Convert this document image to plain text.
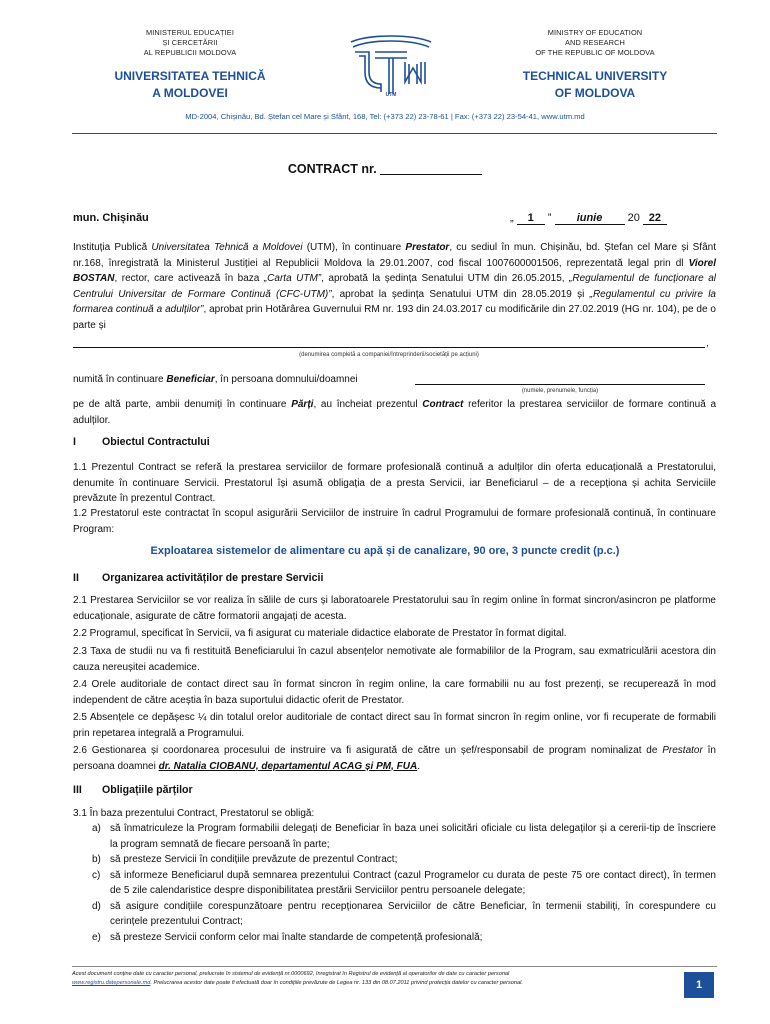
MINISTERUL EDUCAȚIEI
ȘI CERCETĂRII
AL REPUBLICII MOLDOVA
UNIVERSITATEA TEHNICĂ
A MOLDOVEI	UTM
MINISTRY OF EDUCATION
AND RESEARCH
OF THE REPUBLIC OF MOLDOVA
TECHNICAL UNIVERSITY
OF MOLDOVA
MD-2004, Chișinău, Bd. Ștefan cel Mare și Sfânt, 168, Tel: (+373 22) 23-78-61 | Fax: (+373 22) 23-54-41, www.utm.md
CONTRACT nr.
mun. Chișinău	„ 1 ” iunie 20 22
Instituția Publică Universitatea Tehnică a Moldovei (UTM), în continuare Prestator, cu sediul în mun. Chișinău, bd. Ștefan cel Mare și Sfânt nr.168, înregistrată la Ministerul Justiției al Republicii Moldova la 29.01.2007, cod fiscal 1007600001506, reprezentată legal prin dl Viorel BOSTAN, rector, care activează în baza „Carta UTM”, aprobată la ședința Senatului UTM din 26.05.2015, „Regulamentul de funcționare al Centrului Universitar de Formare Continuă (CFC-UTM)”, aprobat la ședința Senatului UTM din 28.05.2019 și „Regulamentul cu privire la formarea continuă a adulților”, aprobat prin Hotărârea Guvernului RM nr. 193 din 24.03.2017 cu modificările din 27.02.2019 (HG nr. 104), pe de o parte și
,
(denumirea completă a companiei/întreprinderii/societății pe acțiuni)
numită în continuare Beneficiar, în persoana domnului/doamnei
(numele, prenumele, funcția)
pe de altă parte, ambii denumiți în continuare Părți, au încheiat prezentul Contract referitor la prestarea serviciilor de formare continuă a adulților.
I Obiectul Contractului
1.1 Prezentul Contract se referă la prestarea serviciilor de formare profesională continuă a adulților din oferta educațională a Prestatorului, denumite în continuare Servicii. Prestatorul își asumă obligația de a presta Servicii, iar Beneficiarul – de a recepționa și achita Serviciile prevăzute în prezentul Contract.
1.2 Prestatorul este contractat în scopul asigurării Serviciilor de instruire în cadrul Programului de formare profesională continuă, în continuare Program:
Exploatarea sistemelor de alimentare cu apă și de canalizare, 90 ore, 3 puncte credit (p.c.)
II Organizarea activităților de prestare Servicii
2.1 Prestarea Serviciilor se vor realiza în sălile de curs și laboratoarele Prestatorului sau în regim online în format sincron/asincron pe platforme educaționale, asigurate de către formatorii angajați de acesta.
2.2 Programul, specificat în Servicii, va fi asigurat cu materiale didactice elaborate de Prestator în format digital.
2.3 Taxa de studii nu va fi restituită Beneficiarului în cazul absențelor nemotivate ale formabililor de la Program, sau exmatriculării acestora din cauza nereușitei academice.
2.4 Orele auditoriale de contact direct sau în format sincron în regim online, la care formabilii nu au fost prezenți, se recuperează în mod independent de către aceștia în baza suportului didactic oferit de Prestator.
2.5 Absențele ce depășesc ¼ din totalul orelor auditoriale de contact direct sau în format sincron în regim online, vor fi recuperate de formabili prin repetarea integrală a Programului.
2.6 Gestionarea și coordonarea procesului de instruire va fi asigurată de către un șef/responsabil de program nominalizat de Prestator în persoana doamnei dr. Natalia CIOBANU, departamentul ACAG și PM, FUA.
III Obligațiile părților
3.1 În baza prezentului Contract, Prestatorul se obligă:
a) să înmatriculeze la Program formabilii delegați de Beneficiar în baza unei solicitări oficiale cu lista delegaților și a cererii-tip de înscriere la program semnată de fiecare persoană în parte;
b) să presteze Servicii în condițiile prevăzute de prezentul Contract;
c) să informeze Beneficiarul după semnarea prezentului Contract (cazul Programelor cu durata de peste 75 ore contact direct), în termen de 5 zile calendaristice despre disponibilitatea prestării Serviciilor pentru persoanele delegate;
d) să asigure condițiile corespunzătoare pentru recepționarea Serviciilor de către Beneficiar, în termenii stabiliți, în corespundere cu cerințele prezentului Contract;
e) să presteze Servicii conform celor mai înalte standarde de competență profesională;
Acest document conține date cu caracter personal, prelucrate în sistemul de evidență nr.0000692, înregistrat în Registrul de evidență al operatorilor de date cu caracter personal
www.registru.datepersonale.md. Prelucrarea acestor date poate fi efectuată doar în condițiile prevăzute de Legea nr. 133 din 08.07.2011 privind protecția datelor cu caracter personal.	1
